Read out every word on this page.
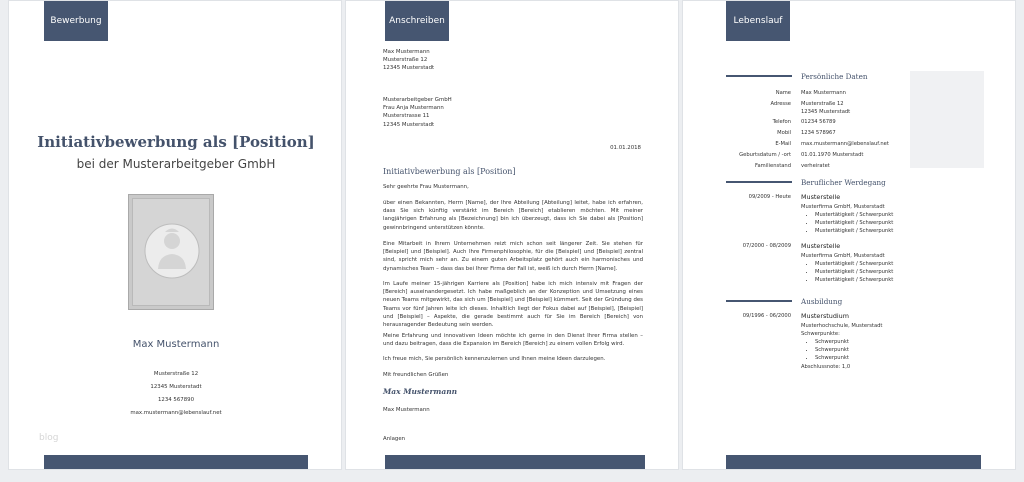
Bewerbung
Initiativbewerbung als [Position]
bei der Musterarbeitgeber GmbH
Max Mustermann
Musterstraße 12
12345 Musterstadt
1234 567890
max.mustermann@lebenslauf.net
blog
Anschreiben
Max Mustermann
Musterstraße 12
12345 Musterstadt
Musterarbeitgeber GmbH
Frau Anja Mustermann
Musterstrasse 11
12345 Musterstadt
01.01.2018
Initiativbewerbung als [Position]
Sehr geehrte Frau Mustermann,
über einen Bekannten, Herrn [Name], der Ihre Abteilung [Abteilung] leitet, habe ich erfahren, dass Sie sich künftig verstärkt im Bereich [Bereich] etablieren möchten. Mit meiner langjährigen Erfahrung als [Bezeichnung] bin ich überzeugt, dass ich Sie dabei als [Position] gewinnbringend unterstützen könnte.
Eine Mitarbeit in Ihrem Unternehmen reizt mich schon seit längerer Zeit. Sie stehen für [Beispiel] und [Beispiel]. Auch Ihre Firmenphilosophie, für die [Beispiel] und [Beispiel] zentral sind, spricht mich sehr an. Zu einem guten Arbeitsplatz gehört auch ein harmonisches und dynamisches Team – dass das bei Ihrer Firma der Fall ist, weiß ich durch Herrn [Name].
Im Laufe meiner 15-jährigen Karriere als [Position] habe ich mich intensiv mit Fragen der [Bereich] auseinandergesetzt. Ich habe maßgeblich an der Konzeption und Umsetzung eines neuen Teams mitgewirkt, das sich um [Beispiel] und [Beispiel] kümmert. Seit der Gründung des Teams vor fünf Jahren leite ich dieses. Inhaltlich liegt der Fokus dabei auf [Beispiel], [Beispiel] und [Beispiel] – Aspekte, die gerade bestimmt auch für Sie im Bereich [Bereich] von herausragender Bedeutung sein werden.
Meine Erfahrung und innovativen Ideen möchte ich gerne in den Dienst Ihrer Firma stellen – und dazu beitragen, dass die Expansion im Bereich [Bereich] zu einem vollen Erfolg wird.
Ich freue mich, Sie persönlich kennenzulernen und Ihnen meine Ideen darzulegen.
Mit freundlichen Grüßen
Max Mustermann
Max Mustermann
Anlagen
Lebenslauf
Persönliche Daten
Name Max Mustermann
Adresse Musterstraße 12
12345 Musterstadt
Telefon 01234 56789
Mobil 1234 578967
E-Mail max.mustermann@lebenslauf.net
Geburtsdatum / -ort 01.01.1970 Musterstadt
Familienstand verheiratet
Beruflicher Werdegang
09/2009 - Heute Musterstelle
Musterfirma GmbH, Musterstadt
• Mustertätigkeit / Schwerpunkt
• Mustertätigkeit / Schwerpunkt
• Mustertätigkeit / Schwerpunkt
07/2000 - 08/2009 Musterstelle
Musterfirma GmbH, Musterstadt
• Mustertätigkeit / Schwerpunkt
• Mustertätigkeit / Schwerpunkt
• Mustertätigkeit / Schwerpunkt
Ausbildung
09/1996 - 06/2000 Musterstudium
Musterhochschule, Musterstadt
Schwerpunkte:
• Schwerpunkt
• Schwerpunkt
• Schwerpunkt
Abschlussnote: 1,0
